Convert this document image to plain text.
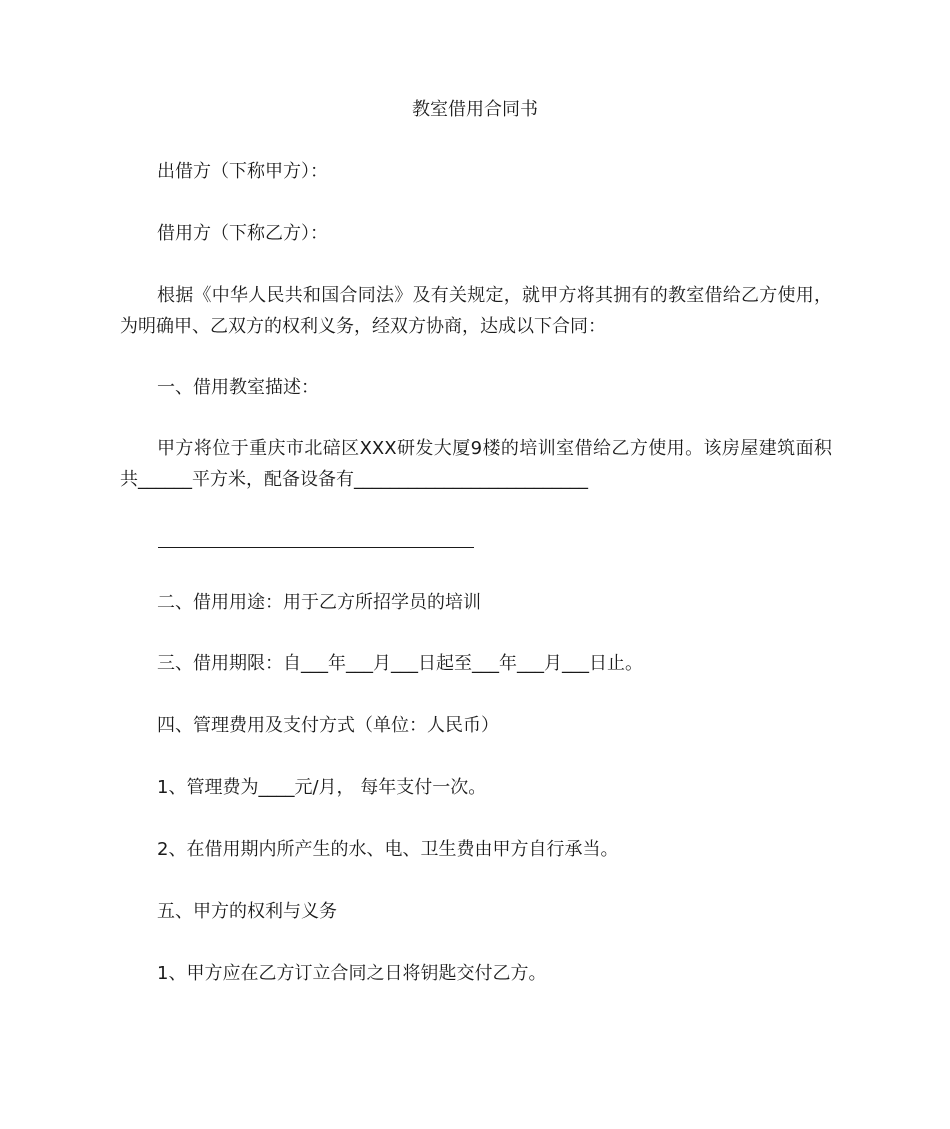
教室借用合同书

出借方（下称甲方）：

借用方（下称乙方）：

根据《中华人民共和国合同法》及有关规定，就甲方将其拥有的教室借给乙方使用，为明确甲、乙双方的权利义务，经双方协商，达成以下合同：

一、借用教室描述：

甲方将位于重庆市北碚区XXX研发大厦9楼的培训室借给乙方使用。该房屋建筑面积共______平方米，配备设备有__________________________

二、借用用途：用于乙方所招学员的培训

三、借用期限：自___年___月___日起至___年___月___日止。

四、管理费用及支付方式（单位：人民币）

1、管理费为____元/月， 每年支付一次。

2、在借用期内所产生的水、电、卫生费由甲方自行承当。

五、甲方的权利与义务

1、甲方应在乙方订立合同之日将钥匙交付乙方。
